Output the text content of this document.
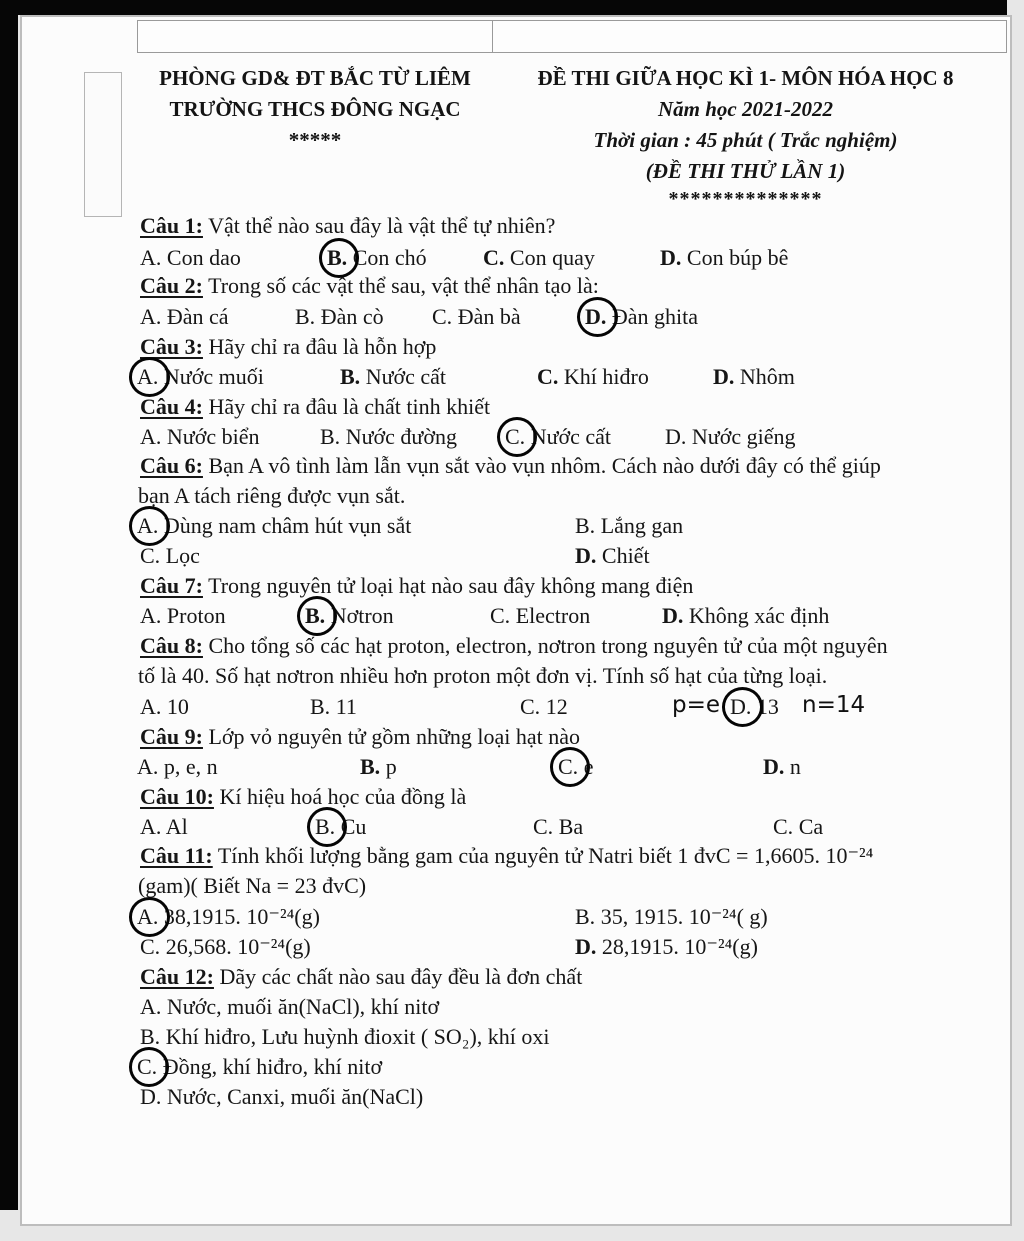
PHÒNG GD& ĐT BẮC TỪ LIÊM
TRƯỜNG THCS ĐÔNG NGẠC
*****
ĐỀ THI GIỮA HỌC KÌ 1- MÔN HÓA HỌC 8
Năm học 2021-2022
Thời gian : 45 phút ( Trắc nghiệm)
(ĐỀ THI THỬ LẦN 1)
**************
Câu 1: Vật thể nào sau đây là vật thể tự nhiên?
A. Con dao	B. Con chó	C. Con quay	D. Con búp bê
Câu 2: Trong số các vật thể sau, vật thể nhân tạo là:
A. Đàn cá	B. Đàn cò C. Đàn bà	D. Đàn ghita
Câu 3: Hãy chỉ ra đâu là hỗn hợp
A. Nước muối	B. Nước cất	C. Khí hiđro	D. Nhôm
Câu 4: Hãy chỉ ra đâu là chất tinh khiết
A. Nước biển	B. Nước đường C. Nước cất D. Nước giếng
Câu 6: Bạn A vô tình làm lẫn vụn sắt vào vụn nhôm. Cách nào dưới đây có thể giúp
bạn A tách riêng được vụn sắt.
A. Dùng nam châm hút vụn sắt	B. Lắng gan
C. Lọc	D. Chiết
Câu 7: Trong nguyên tử loại hạt nào sau đây không mang điện
A. Proton	B. Nơtron	C. Electron	D. Không xác định
Câu 8: Cho tổng số các hạt proton, electron, nơtron trong nguyên tử của một nguyên
tố là 40. Số hạt nơtron nhiều hơn proton một đơn vị. Tính số hạt của từng loại.
A. 10	B. 11	C. 12	D. 13
p=e	n=14
Câu 9: Lớp vỏ nguyên tử gồm những loại hạt nào
A. p, e, n	B. p	C. e	D. n
Câu 10: Kí hiệu hoá học của đồng là
A. Al	B. Cu	C. Ba	C. Ca
Câu 11: Tính khối lượng bằng gam của nguyên tử Natri biết 1 đvC = 1,6605. 10⁻²⁴
(gam)( Biết Na = 23 đvC)
A. 38,1915. 10⁻²⁴(g)	B. 35, 1915. 10⁻²⁴( g)
C. 26,568. 10⁻²⁴(g)	D. 28,1915. 10⁻²⁴(g)
Câu 12: Dãy các chất nào sau đây đều là đơn chất
A. Nước, muối ăn(NaCl), khí nitơ
B. Khí hiđro, Lưu huỳnh đioxit ( SO₂), khí oxi
C. Đồng, khí hiđro, khí nitơ
D. Nước, Canxi, muối ăn(NaCl)
